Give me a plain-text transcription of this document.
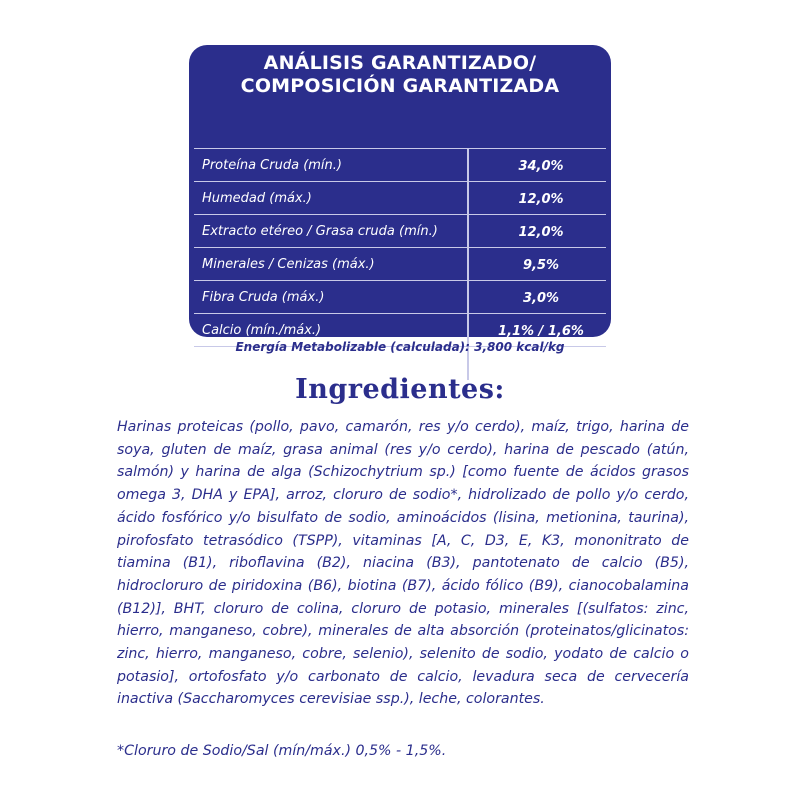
ANÁLISIS GARANTIZADO/
COMPOSICIÓN GARANTIZADA
Proteína Cruda (mín.)	34,0%
Humedad (máx.)	12,0%
Extracto etéreo / Grasa cruda (mín.)	12,0%
Minerales / Cenizas (máx.)	9,5%
Fibra Cruda (máx.)	3,0%
Calcio (mín./máx.)	1,1% / 1,6%
Fósforo (mín./máx.)	1,0% / 1,5%
Energía Metabolizable (calculada): 3,800 kcal/kg
Ingredientes:
Harinas proteicas (pollo, pavo, camarón, res y/o cerdo), maíz, trigo, harina de soya, gluten de maíz, grasa animal (res y/o cerdo), harina de pescado (atún, salmón) y harina de alga (Schizochytrium sp.) [como fuente de ácidos grasos omega 3, DHA y EPA], arroz, cloruro de sodio*, hidrolizado de pollo y/o cerdo, ácido fosfórico y/o bisulfato de sodio, aminoácidos (lisina, metionina, taurina), pirofosfato tetrasódico (TSPP), vitaminas [A, C, D3, E, K3, mononitrato de tiamina (B1), riboflavina (B2), niacina (B3), pantotenato de calcio (B5), hidrocloruro de piridoxina (B6), biotina (B7), ácido fólico (B9), cianocobalamina (B12)], BHT, cloruro de colina, cloruro de potasio, minerales [(sulfatos: zinc, hierro, manganeso, cobre), minerales de alta absorción (proteinatos/glicinatos: zinc, hierro, manganeso, cobre, selenio), selenito de sodio, yodato de calcio o potasio], ortofosfato y/o carbonato de calcio, levadura seca de cervecería inactiva (Saccharomyces cerevisiae ssp.), leche, colorantes.
*Cloruro de Sodio/Sal (mín/máx.) 0,5% - 1,5%.
